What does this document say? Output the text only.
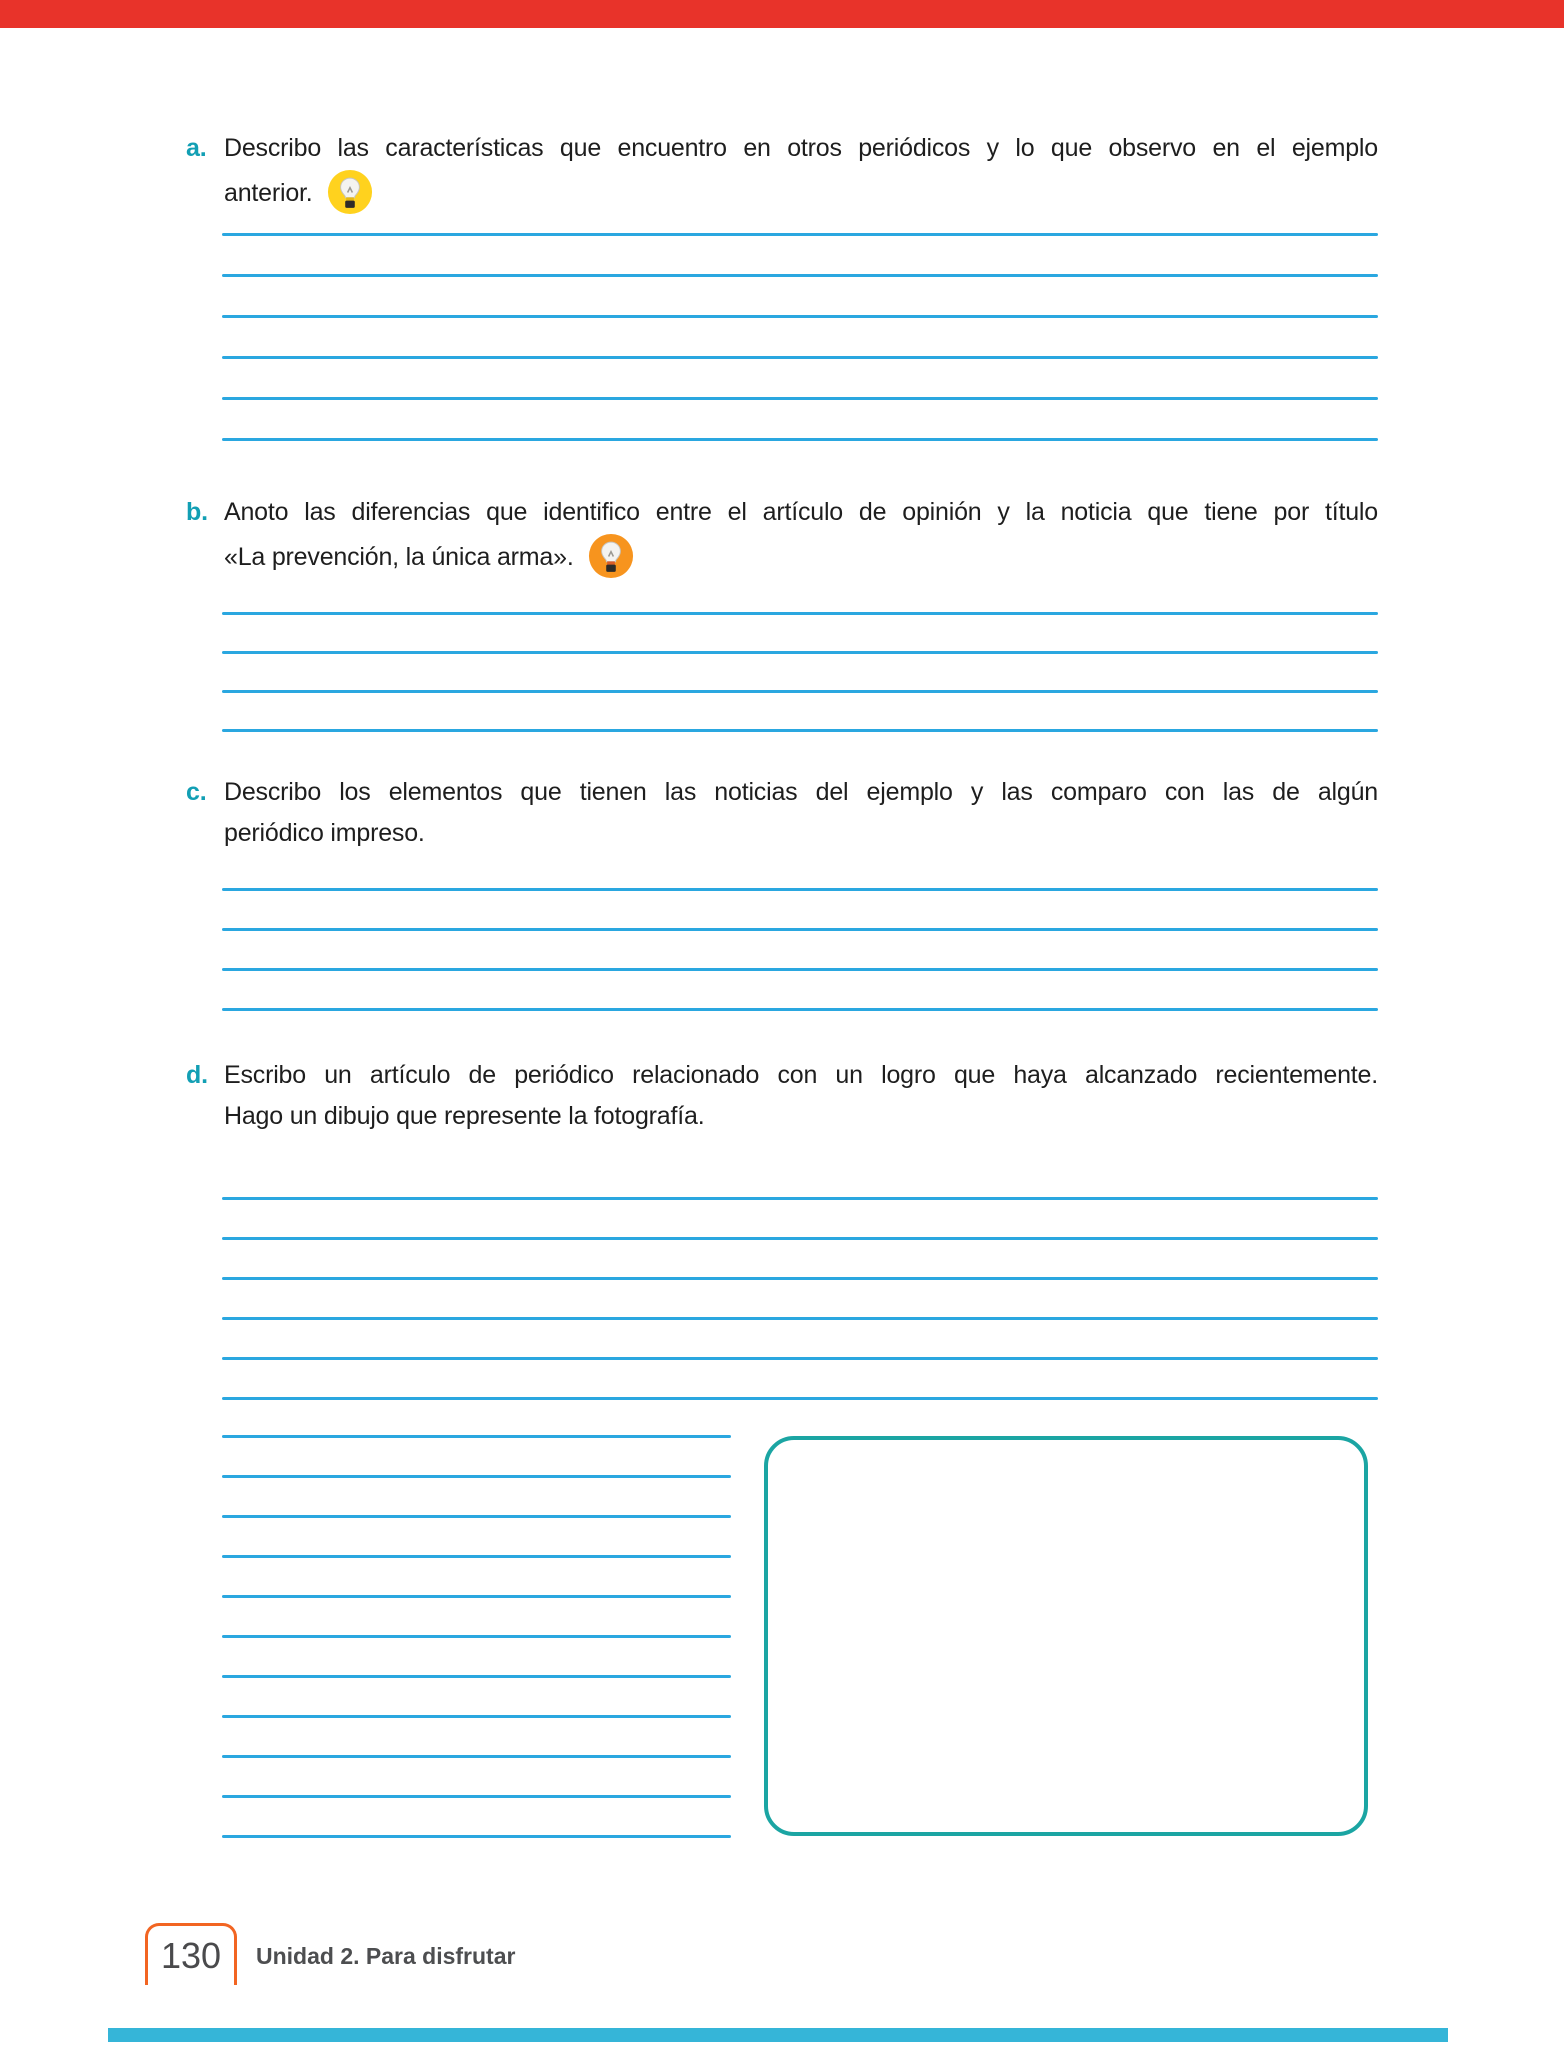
a. Describo las características que encuentro en otros periódicos y lo que observo en el ejemplo
anterior.
b. Anoto las diferencias que identifico entre el artículo de opinión y la noticia que tiene por título
«La prevención, la única arma».
c. Describo los elementos que tienen las noticias del ejemplo y las comparo con las de algún
periódico impreso.
d. Escribo un artículo de periódico relacionado con un logro que haya alcanzado recientemente.
Hago un dibujo que represente la fotografía.
130 Unidad 2. Para disfrutar
